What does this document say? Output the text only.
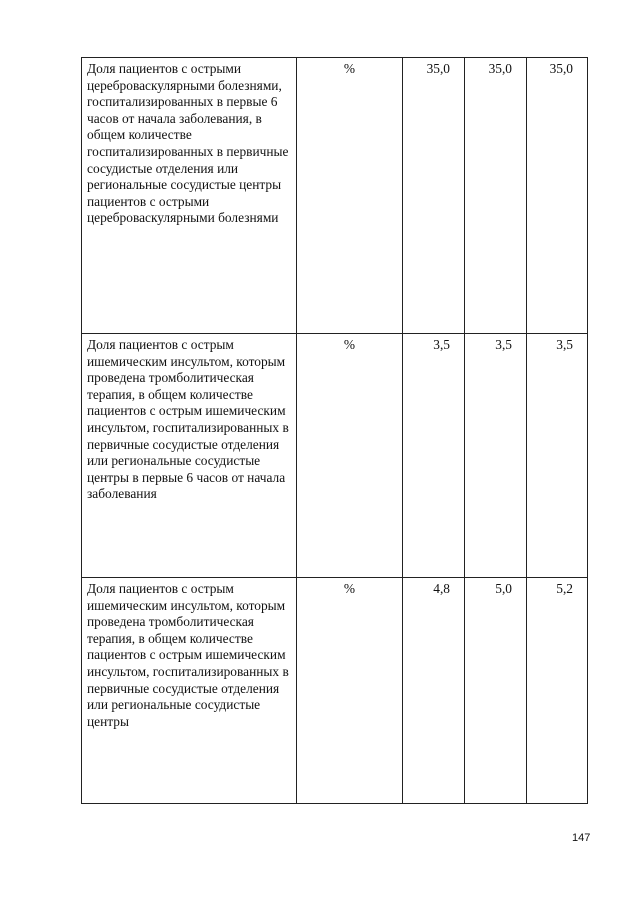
Доля пациентов с острыми цереброваскулярными болезнями, госпитализированных в первые 6 часов от начала заболевания, в общем количестве госпитализированных в первичные сосудистые отделения или региональные сосудистые центры пациентов с острыми цереброваскулярными болезнями	%	35,0	35,0	35,0
Доля пациентов с острым ишемическим инсультом, которым проведена тромболитическая терапия, в общем количестве пациентов с острым ишемическим инсультом, госпитализированных в первичные сосудистые отделения или региональные сосудистые центры в первые 6 часов от начала заболевания	%	3,5	3,5	3,5
Доля пациентов с острым ишемическим инсультом, которым проведена тромболитическая терапия, в общем количестве пациентов с острым ишемическим инсультом, госпитализированных в первичные сосудистые отделения или региональные сосудистые центры	%	4,8	5,0	5,2
147
